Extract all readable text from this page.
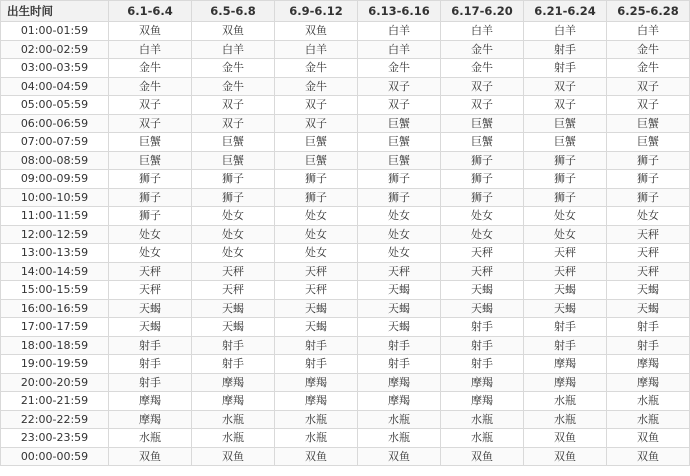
出生时间	6.1-6.4	6.5-6.8	6.9-6.12	6.13-6.16	6.17-6.20	6.21-6.24	6.25-6.28
01:00-01:59	双鱼	双鱼	双鱼	白羊	白羊	白羊	白羊
02:00-02:59	白羊	白羊	白羊	白羊	金牛	射手	金牛
03:00-03:59	金牛	金牛	金牛	金牛	金牛	射手	金牛
04:00-04:59	金牛	金牛	金牛	双子	双子	双子	双子
05:00-05:59	双子	双子	双子	双子	双子	双子	双子
06:00-06:59	双子	双子	双子	巨蟹	巨蟹	巨蟹	巨蟹
07:00-07:59	巨蟹	巨蟹	巨蟹	巨蟹	巨蟹	巨蟹	巨蟹
08:00-08:59	巨蟹	巨蟹	巨蟹	巨蟹	狮子	狮子	狮子
09:00-09:59	狮子	狮子	狮子	狮子	狮子	狮子	狮子
10:00-10:59	狮子	狮子	狮子	狮子	狮子	狮子	狮子
11:00-11:59	狮子	处女	处女	处女	处女	处女	处女
12:00-12:59	处女	处女	处女	处女	处女	处女	天秤
13:00-13:59	处女	处女	处女	处女	天秤	天秤	天秤
14:00-14:59	天秤	天秤	天秤	天秤	天秤	天秤	天秤
15:00-15:59	天秤	天秤	天秤	天蝎	天蝎	天蝎	天蝎
16:00-16:59	天蝎	天蝎	天蝎	天蝎	天蝎	天蝎	天蝎
17:00-17:59	天蝎	天蝎	天蝎	天蝎	射手	射手	射手
18:00-18:59	射手	射手	射手	射手	射手	射手	射手
19:00-19:59	射手	射手	射手	射手	射手	摩羯	摩羯
20:00-20:59	射手	摩羯	摩羯	摩羯	摩羯	摩羯	摩羯
21:00-21:59	摩羯	摩羯	摩羯	摩羯	摩羯	水瓶	水瓶
22:00-22:59	摩羯	水瓶	水瓶	水瓶	水瓶	水瓶	水瓶
23:00-23:59	水瓶	水瓶	水瓶	水瓶	水瓶	双鱼	双鱼
00:00-00:59	双鱼	双鱼	双鱼	双鱼	双鱼	双鱼	双鱼
